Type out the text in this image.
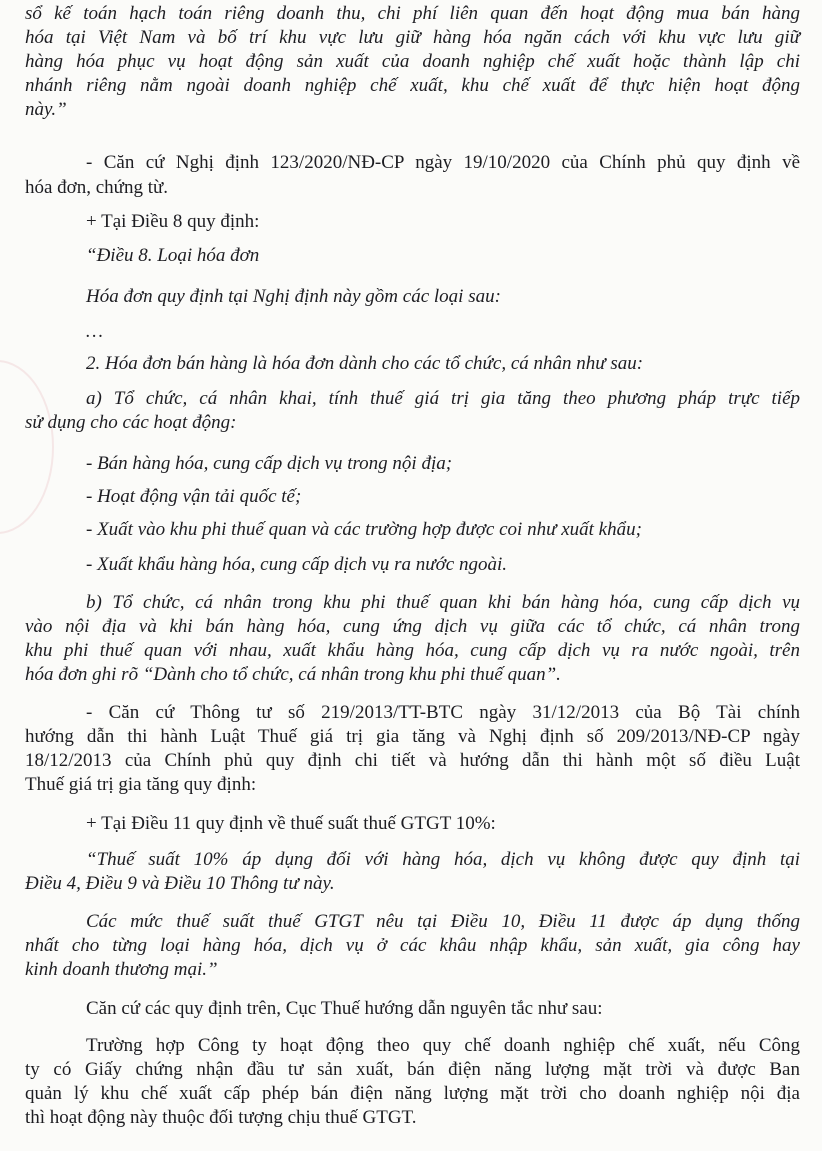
sổ kế toán hạch toán riêng doanh thu, chi phí liên quan đến hoạt động mua bán hàng
hóa tại Việt Nam và bố trí khu vực lưu giữ hàng hóa ngăn cách với khu vực lưu giữ
hàng hóa phục vụ hoạt động sản xuất của doanh nghiệp chế xuất hoặc thành lập chi
nhánh riêng nằm ngoài doanh nghiệp chế xuất, khu chế xuất để thực hiện hoạt động
này.”
- Căn cứ Nghị định 123/2020/NĐ-CP ngày 19/10/2020 của Chính phủ quy định về
hóa đơn, chứng từ.
+ Tại Điều 8 quy định:
“Điều 8. Loại hóa đơn
Hóa đơn quy định tại Nghị định này gồm các loại sau:
…
2. Hóa đơn bán hàng là hóa đơn dành cho các tổ chức, cá nhân như sau:
a) Tổ chức, cá nhân khai, tính thuế giá trị gia tăng theo phương pháp trực tiếp
sử dụng cho các hoạt động:
- Bán hàng hóa, cung cấp dịch vụ trong nội địa;
- Hoạt động vận tải quốc tế;
- Xuất vào khu phi thuế quan và các trường hợp được coi như xuất khẩu;
- Xuất khẩu hàng hóa, cung cấp dịch vụ ra nước ngoài.
b) Tổ chức, cá nhân trong khu phi thuế quan khi bán hàng hóa, cung cấp dịch vụ
vào nội địa và khi bán hàng hóa, cung ứng dịch vụ giữa các tổ chức, cá nhân trong
khu phi thuế quan với nhau, xuất khẩu hàng hóa, cung cấp dịch vụ ra nước ngoài, trên
hóa đơn ghi rõ “Dành cho tổ chức, cá nhân trong khu phi thuế quan”.
- Căn cứ Thông tư số 219/2013/TT-BTC ngày 31/12/2013 của Bộ Tài chính
hướng dẫn thi hành Luật Thuế giá trị gia tăng và Nghị định số 209/2013/NĐ-CP ngày
18/12/2013 của Chính phủ quy định chi tiết và hướng dẫn thi hành một số điều Luật
Thuế giá trị gia tăng quy định:
+ Tại Điều 11 quy định về thuế suất thuế GTGT 10%:
“Thuế suất 10% áp dụng đối với hàng hóa, dịch vụ không được quy định tại
Điều 4, Điều 9 và Điều 10 Thông tư này.
Các mức thuế suất thuế GTGT nêu tại Điều 10, Điều 11 được áp dụng thống
nhất cho từng loại hàng hóa, dịch vụ ở các khâu nhập khẩu, sản xuất, gia công hay
kinh doanh thương mại.”
Căn cứ các quy định trên, Cục Thuế hướng dẫn nguyên tắc như sau:
Trường hợp Công ty hoạt động theo quy chế doanh nghiệp chế xuất, nếu Công
ty có Giấy chứng nhận đầu tư sản xuất, bán điện năng lượng mặt trời và được Ban
quản lý khu chế xuất cấp phép bán điện năng lượng mặt trời cho doanh nghiệp nội địa
thì hoạt động này thuộc đối tượng chịu thuế GTGT.
